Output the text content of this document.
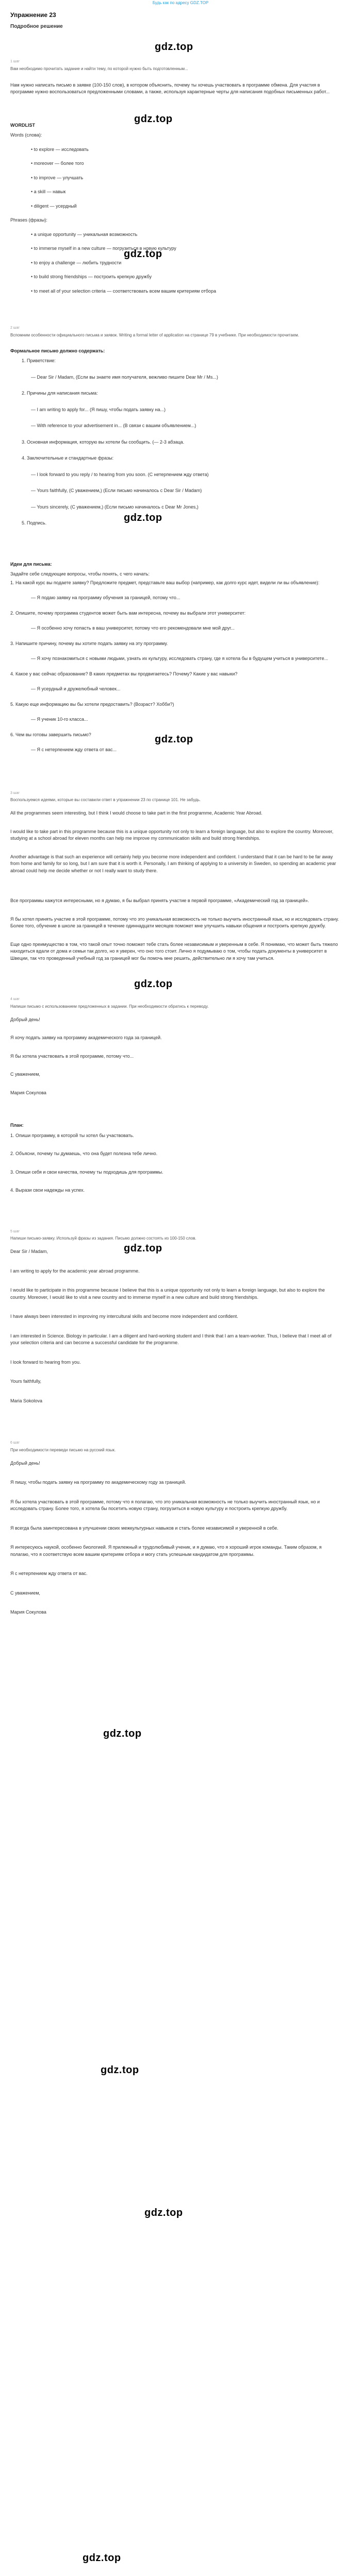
Будь как по адресу GDZ.TOP
gdz.top
gdz.top
gdz.top
gdz.top
gdz.top
gdz.top
gdz.top
gdz.top
gdz.top
gdz.top
gdz.top
Упражнение 23
Подробное решение
1 шаг
Вам необходимо прочитать задание и найти тему, по которой нужно быть подготовленным...
Нам нужно написать письмо в заявке (100-150 слов), в котором объяснить, почему ты хочешь участвовать в программе обмена. Для участия в программе нужно воспользоваться предложенными словами, а также, используя характерные черты для написания подобных письменных работ...
WORDLIST
Words (слова):
• to explore — исследовать
• moreover — более того
• to improve — улучшать
• a skill — навык
• diligent — усердный
Phrases (фразы):
• a unique opportunity — уникальная возможность
• to immerse myself in a new culture — погрузиться в новую культуру
• to enjoy a challenge — любить трудности
• to build strong friendships — построить крепкую дружбу
• to meet all of your selection criteria — соответствовать всем вашим критериям отбора
2 шаг
Вспомним особенности официального письма и заявок. Writing a formal letter of application на странице 79 в учебнике. При необходимости прочитаем.
Формальное письмо должно содержать:
1. Приветствие:
— Dear Sir / Madam, (Если вы знаете имя получателя, вежливо пишите Dear Mr / Ms...)
2. Причины для написания письма:
— I am writing to apply for... (Я пишу, чтобы подать заявку на...)
— With reference to your advertisement in... (В связи с вашим объявлением...)
3. Основная информация, которую вы хотели бы сообщить. (— 2-3 абзаца.
4. Заключительные и стандартные фразы:
— I look forward to you reply / to hearing from you soon. (С нетерпением жду ответа)
— Yours faithfully, (С уважением,) (Если письмо начиналось с Dear Sir / Madam)
— Yours sincerely, (С уважением,) (Если письмо начиналось с Dear Mr Jones,)
5. Подпись.
Идеи для письма:
Задайте себе следующие вопросы, чтобы понять, с чего начать:
1. На какой курс вы подаете заявку? Предложите предмет, представьте ваш выбор (например, как долго курс идет, видели ли вы объявление):
— Я подаю заявку на программу обучения за границей, потому что...
2. Опишите, почему программа студентов может быть вам интересна, почему вы выбрали этот университет:
— Я особенно хочу попасть в ваш университет, потому что его рекомендовали мне мой друг...
3. Напишите причину, почему вы хотите подать заявку на эту программу.
— Я хочу познакомиться с новыми людьми, узнать их культуру, исследовать страну, где я хотела бы в будущем учиться в университете...
4. Какое у вас сейчас образование? В каких предметах вы продвигаетесь? Почему? Какие у вас навыки?
— Я усердный и дружелюбный человек...
5. Какую еще информацию вы бы хотели предоставить? (Возраст? Хобби?)
— Я ученик 10-го класса...
6. Чем вы готовы завершить письмо?
— Я с нетерпением жду ответа от вас...
3 шаг
Воспользуемся идеями, которые вы составили ответ в упражнении 23 по странице 101. Не забудь.
All the programmes seem interesting, but I think I would choose to take part in the first programme, Academic Year Abroad.
I would like to take part in this programme because this is a unique opportunity not only to learn a foreign language, but also to explore the country. Moreover, studying at a school abroad for eleven months can help me improve my communication skills and build strong friendships.
Another advantage is that such an experience will certainly help you become more independent and confident. I understand that it can be hard to be far away from home and family for so long, but I am sure that it is worth it. Personally, I am thinking of applying to a university in Sweden, so spending an academic year abroad could help me decide whether or not I really want to study there.
Все программы кажутся интересными, но я думаю, я бы выбрал принять участие в первой программе, «Академический год за границей».
Я бы хотел принять участие в этой программе, потому что это уникальная возможность не только выучить иностранный язык, но и исследовать страну. Более того, обучение в школе за границей в течение одиннадцати месяцев поможет мне улучшить навыки общения и построить крепкую дружбу.
Еще одно преимущество в том, что такой опыт точно поможет тебе стать более независимым и уверенным в себе. Я понимаю, что может быть тяжело находиться вдали от дома и семьи так долго, но я уверен, что оно того стоит. Лично я подумываю о том, чтобы подать документы в университет в Швеции, так что проведенный учебный год за границей мог бы помочь мне решить, действительно ли я хочу там учиться.
4 шаг
Напиши письмо с использованием предложенных в задании. При необходимости обратись к переводу.
Добрый день!
Я хочу подать заявку на программу академического года за границей.
Я бы хотела участвовать в этой программе, потому что...
С уважением,
Мария Сокулова
План:
1. Опиши программу, в которой ты хотел бы участвовать.
2. Объясни, почему ты думаешь, что она будет полезна тебе лично.
3. Опиши себя и свои качества, почему ты подходишь для программы.
4. Вырази свои надежды на успех.
5 шаг
Напиши письмо-заявку. Используй фразы из задания. Письмо должно состоять из 100-150 слов.
Dear Sir / Madam,
I am writing to apply for the academic year abroad programme.
I would like to participate in this programme because I believe that this is a unique opportunity not only to learn a foreign language, but also to explore the country. Moreover, I would like to visit a new country and to immerse myself in a new culture and build strong friendships.
I have always been interested in improving my intercultural skills and become more independent and confident.
I am interested in Science. Biology in particular. I am a diligent and hard-working student and I think that I am a team-worker. Thus, I believe that I meet all of your selection criteria and can become a successful candidate for the programme.
I look forward to hearing from you.
Yours faithfully,
Maria Sokolova
6 шаг
При необходимости переведи письмо на русский язык.
Добрый день!
Я пишу, чтобы подать заявку на программу по академическому году за границей.
Я бы хотела участвовать в этой программе, потому что я полагаю, что это уникальная возможность не только выучить иностранный язык, но и исследовать страну. Более того, я хотела бы посетить новую страну, погрузиться в новую культуру и построить крепкую дружбу.
Я всегда была заинтересована в улучшении своих межкультурных навыков и стать более независимой и уверенной в себе.
Я интересуюсь наукой, особенно биологией. Я прилежный и трудолюбивый ученик, и я думаю, что я хороший игрок команды. Таким образом, я полагаю, что я соответствую всем вашим критериям отбора и могу стать успешным кандидатом для программы.
Я с нетерпением жду ответа от вас.
С уважением,
Мария Сокулова
